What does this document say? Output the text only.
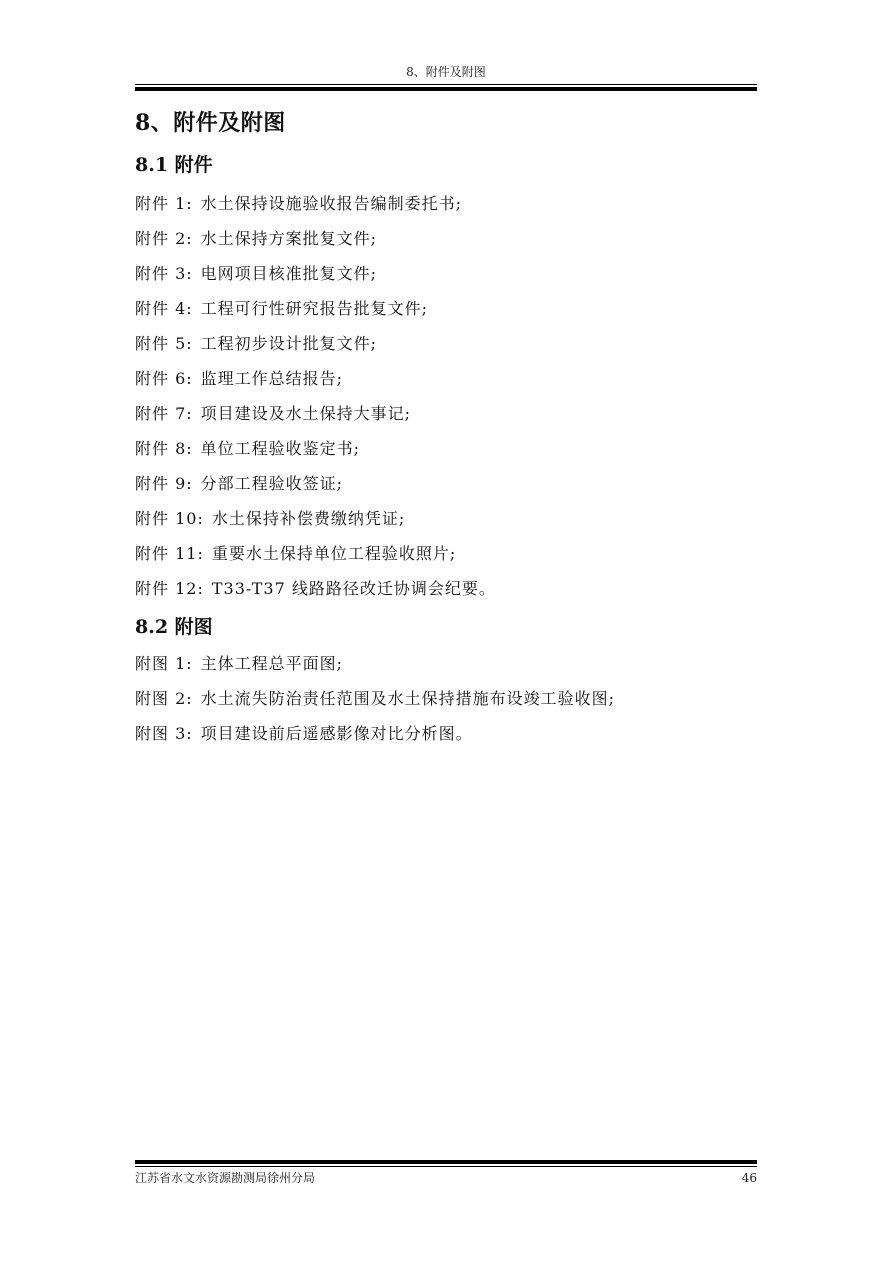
8、附件及附图
8、附件及附图
8.1 附件
附件 1: 水土保持设施验收报告编制委托书;
附件 2: 水土保持方案批复文件;
附件 3: 电网项目核准批复文件;
附件 4: 工程可行性研究报告批复文件;
附件 5: 工程初步设计批复文件;
附件 6: 监理工作总结报告;
附件 7: 项目建设及水土保持大事记;
附件 8: 单位工程验收鉴定书;
附件 9: 分部工程验收签证;
附件 10: 水土保持补偿费缴纳凭证;
附件 11: 重要水土保持单位工程验收照片;
附件 12: T33-T37 线路路径改迁协调会纪要。
8.2 附图
附图 1: 主体工程总平面图;
附图 2: 水土流失防治责任范围及水土保持措施布设竣工验收图;
附图 3: 项目建设前后遥感影像对比分析图。
江苏省水文水资源勘测局徐州分局	46
